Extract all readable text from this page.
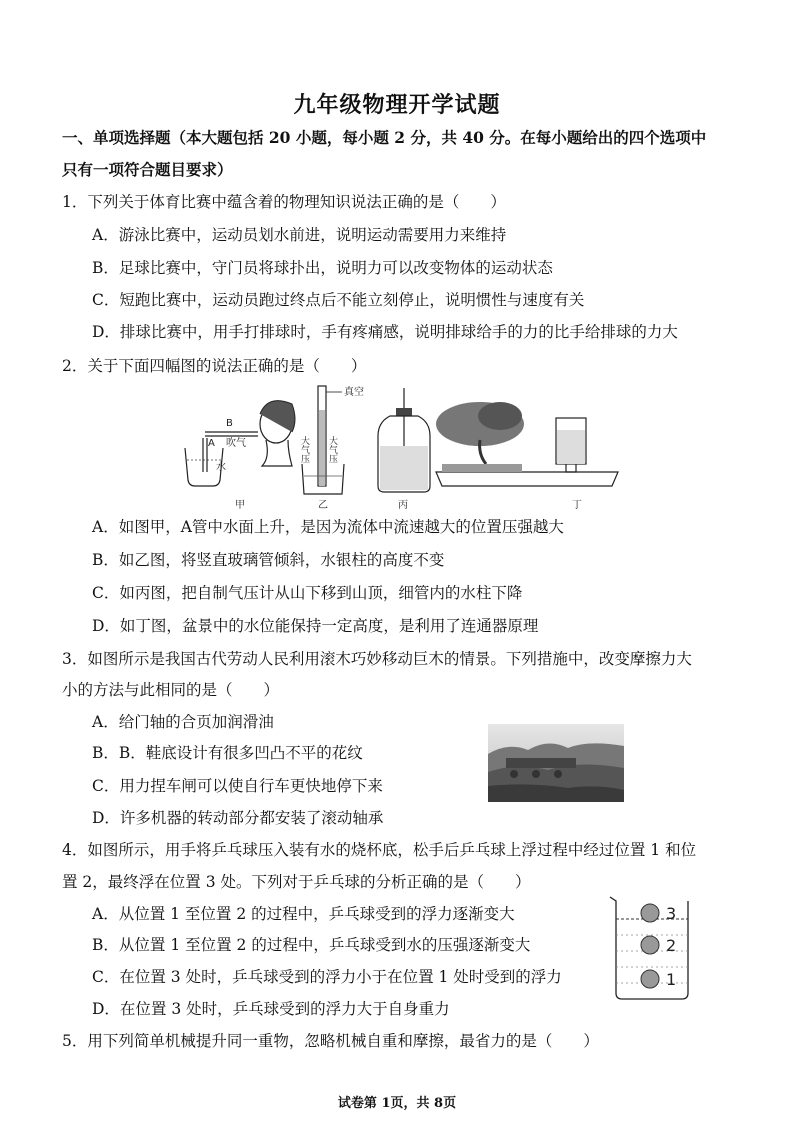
九年级物理开学试题
一、单项选择题（本大题包括 20 小题，每小题 2 分，共 40 分。在每小题给出的四个选项中
只有一项符合题目要求）
1．下列关于体育比赛中蕴含着的物理知识说法正确的是（　　）
A．游泳比赛中，运动员划水前进，说明运动需要用力来维持
B．足球比赛中，守门员将球扑出，说明力可以改变物体的运动状态
C．短跑比赛中，运动员跑过终点后不能立刻停止，说明惯性与速度有关
D．排球比赛中，用手打排球时，手有疼痛感，说明排球给手的力的比手给排球的力大
2．关于下面四幅图的说法正确的是（　　）
B
吹气
A
水
甲
真空
大气压 大气压
乙	丙	丁
A．如图甲，A管中水面上升，是因为流体中流速越大的位置压强越大
B．如乙图，将竖直玻璃管倾斜，水银柱的高度不变
C．如丙图，把自制气压计从山下移到山顶，细管内的水柱下降
D．如丁图，盆景中的水位能保持一定高度，是利用了连通器原理
3．如图所示是我国古代劳动人民利用滚木巧妙移动巨木的情景。下列措施中，改变摩擦力大
小的方法与此相同的是（　　）
A．给门轴的合页加润滑油
B．B．鞋底设计有很多凹凸不平的花纹
C．用力捏车闸可以使自行车更快地停下来
D．许多机器的转动部分都安装了滚动轴承
4．如图所示，用手将乒乓球压入装有水的烧杯底，松手后乒乓球上浮过程中经过位置 1 和位
置 2，最终浮在位置 3 处。下列对于乒乓球的分析正确的是（　　）
A．从位置 1 至位置 2 的过程中，乒乓球受到的浮力逐渐变大
B．从位置 1 至位置 2 的过程中，乒乓球受到水的压强逐渐变大
C．在位置 3 处时，乒乓球受到的浮力小于在位置 1 处时受到的浮力
D．在位置 3 处时，乒乓球受到的浮力大于自身重力
3
2
1
5．用下列简单机械提升同一重物，忽略机械自重和摩擦，最省力的是（　　）
试卷第 1页，共 8页
